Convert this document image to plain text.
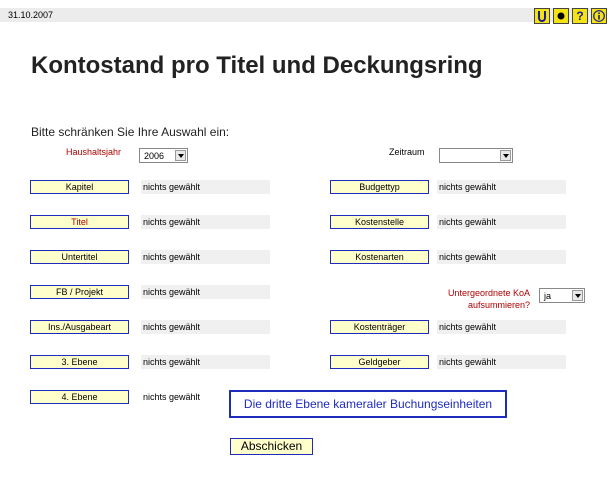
31.10.2007	?
Kontostand pro Titel und Deckungsring
Bitte schränken Sie Ihre Auswahl ein:
Haushaltsjahr	2006	Zeitraum
Kapitel	nichts gewählt
Titel	nichts gewählt
Untertitel	nichts gewählt
FB / Projekt	nichts gewählt
Ins./Ausgabeart	nichts gewählt
3. Ebene	nichts gewählt
4. Ebene	nichts gewählt
Budgettyp	nichts gewählt
Kostenstelle	nichts gewählt
Kostenarten	nichts gewählt
Untergeordnete KoA
aufsummieren?
ja
Kostenträger	nichts gewählt
Geldgeber	nichts gewählt
Die dritte Ebene kameraler Buchungseinheiten
Abschicken
